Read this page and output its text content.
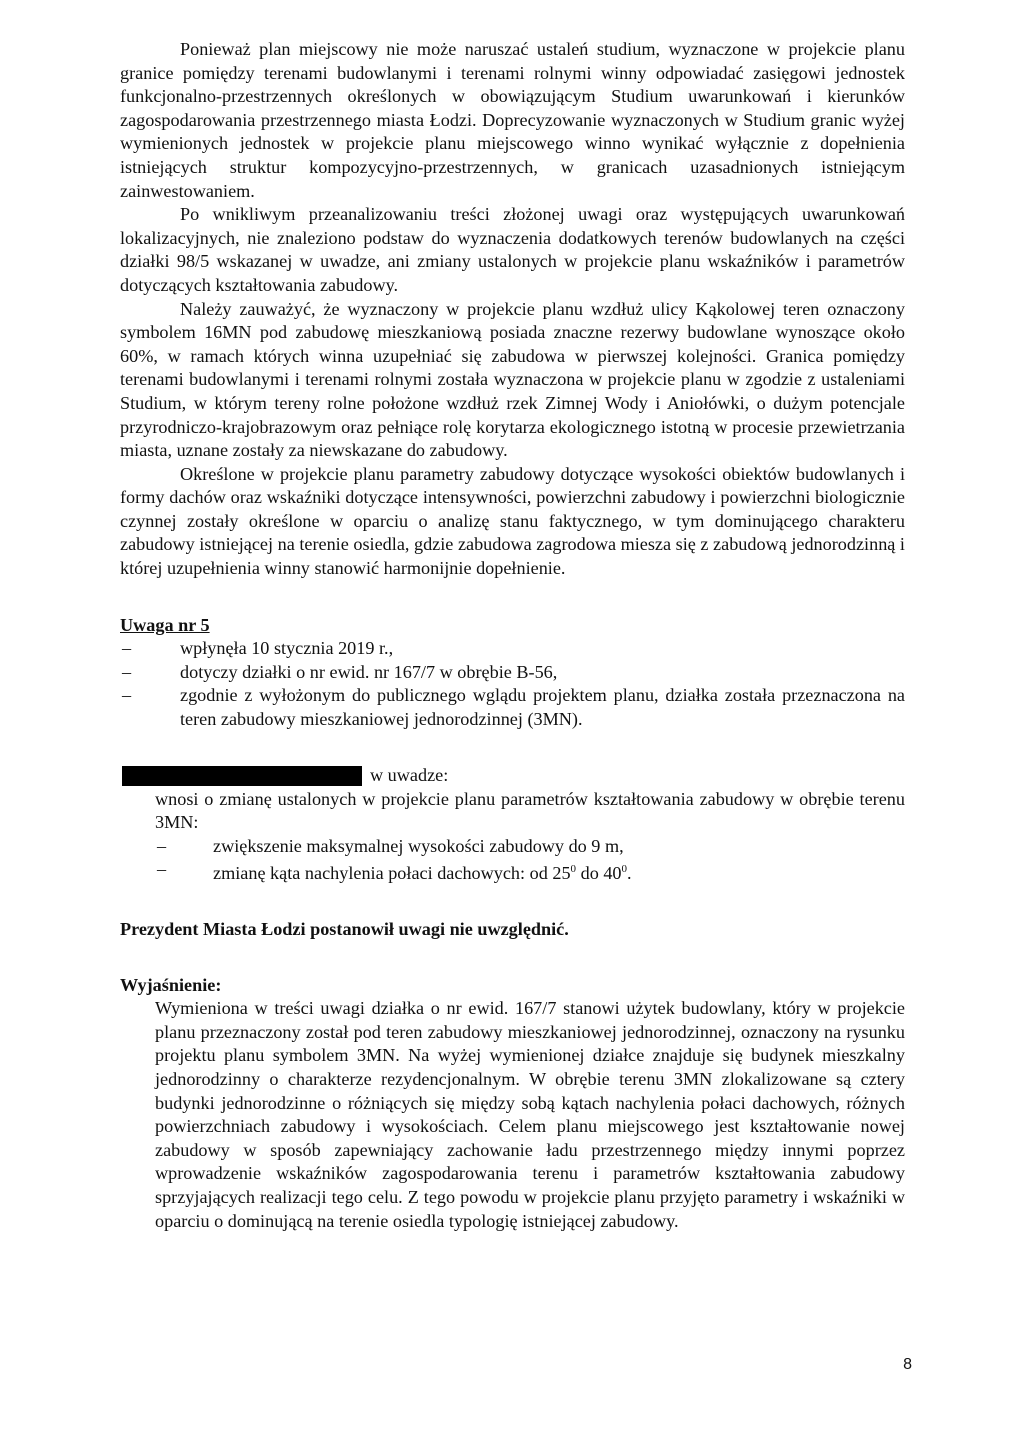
Ponieważ plan miejscowy nie może naruszać ustaleń studium, wyznaczone w projekcie planu granice pomiędzy terenami budowlanymi i terenami rolnymi winny odpowiadać zasięgowi jednostek funkcjonalno-przestrzennych określonych w obowiązującym Studium uwarunkowań i kierunków zagospodarowania przestrzennego miasta Łodzi. Doprecyzowanie wyznaczonych w Studium granic wyżej wymienionych jednostek w projekcie planu miejscowego winno wynikać wyłącznie z dopełnienia istniejących struktur kompozycyjno-przestrzennych, w granicach uzasadnionych istniejącym zainwestowaniem.

Po wnikliwym przeanalizowaniu treści złożonej uwagi oraz występujących uwarunkowań lokalizacyjnych, nie znaleziono podstaw do wyznaczenia dodatkowych terenów budowlanych na części działki 98/5 wskazanej w uwadze, ani zmiany ustalonych w projekcie planu wskaźników i parametrów dotyczących kształtowania zabudowy.

Należy zauważyć, że wyznaczony w projekcie planu wzdłuż ulicy Kąkolowej teren oznaczony symbolem 16MN pod zabudowę mieszkaniową posiada znaczne rezerwy budowlane wynoszące około 60%, w ramach których winna uzupełniać się zabudowa w pierwszej kolejności. Granica pomiędzy terenami budowlanymi i terenami rolnymi została wyznaczona w projekcie planu w zgodzie z ustaleniami Studium, w którym tereny rolne położone wzdłuż rzek Zimnej Wody i Aniołówki, o dużym potencjale przyrodniczo-krajobrazowym oraz pełniące rolę korytarza ekologicznego istotną w procesie przewietrzania miasta, uznane zostały za niewskazane do zabudowy.

Określone w projekcie planu parametry zabudowy dotyczące wysokości obiektów budowlanych i formy dachów oraz wskaźniki dotyczące intensywności, powierzchni zabudowy i powierzchni biologicznie czynnej zostały określone w oparciu o analizę stanu faktycznego, w tym dominującego charakteru zabudowy istniejącej na terenie osiedla, gdzie zabudowa zagrodowa miesza się z zabudową jednorodzinną i której uzupełnienia winny stanowić harmonijnie dopełnienie.

Uwaga nr 5
– wpłynęła 10 stycznia 2019 r.,
– dotyczy działki o nr ewid. nr 167/7 w obrębie B-56,
– zgodnie z wyłożonym do publicznego wglądu projektem planu, działka została przeznaczona na teren zabudowy mieszkaniowej jednorodzinnej (3MN).
w uwadze:

wnosi o zmianę ustalonych w projekcie planu parametrów kształtowania zabudowy w obrębie terenu 3MN:

– zwiększenie maksymalnej wysokości zabudowy do 9 m,
– zmianę kąta nachylenia połaci dachowych: od $25^0$ do $40^0$.
Prezydent Miasta Łodzi postanowił uwagi nie uwzględnić.
Wyjaśnienie:

Wymieniona w treści uwagi działka o nr ewid. 167/7 stanowi użytek budowlany, który w projekcie planu przeznaczony został pod teren zabudowy mieszkaniowej jednorodzinnej, oznaczony na rysunku projektu planu symbolem 3MN. Na wyżej wymienionej działce znajduje się budynek mieszkalny jednorodzinny o charakterze rezydencjonalnym. W obrębie terenu 3MN zlokalizowane są cztery budynki jednorodzinne o różniących się między sobą kątach nachylenia połaci dachowych, różnych powierzchniach zabudowy i wysokościach. Celem planu miejscowego jest kształtowanie nowej zabudowy w sposób zapewniający zachowanie ładu przestrzennego między innymi poprzez wprowadzenie wskaźników zagospodarowania terenu i parametrów kształtowania zabudowy sprzyjających realizacji tego celu. Z tego powodu w projekcie planu przyjęto parametry i wskaźniki w oparciu o dominującą na terenie osiedla typologię istniejącej zabudowy.

8
